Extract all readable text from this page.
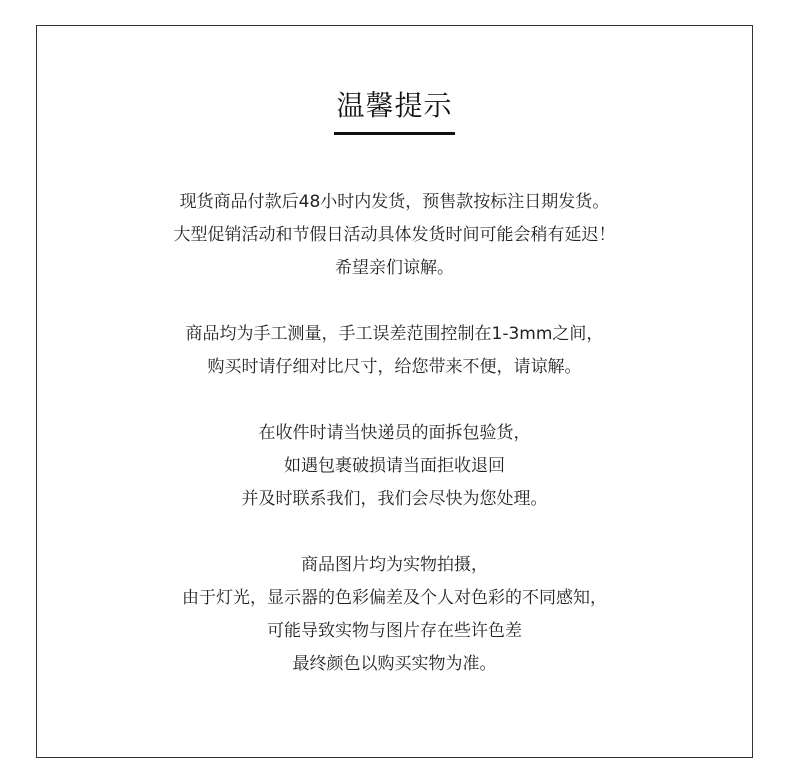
温馨提示
现货商品付款后48小时内发货，预售款按标注日期发货。
大型促销活动和节假日活动具体发货时间可能会稍有延迟！
希望亲们谅解。
商品均为手工测量，手工误差范围控制在1-3mm之间，
购买时请仔细对比尺寸，给您带来不便，请谅解。
在收件时请当快递员的面拆包验货，
如遇包裹破损请当面拒收退回
并及时联系我们，我们会尽快为您处理。
商品图片均为实物拍摄，
由于灯光，显示器的色彩偏差及个人对色彩的不同感知，
可能导致实物与图片存在些许色差
最终颜色以购买实物为准。
